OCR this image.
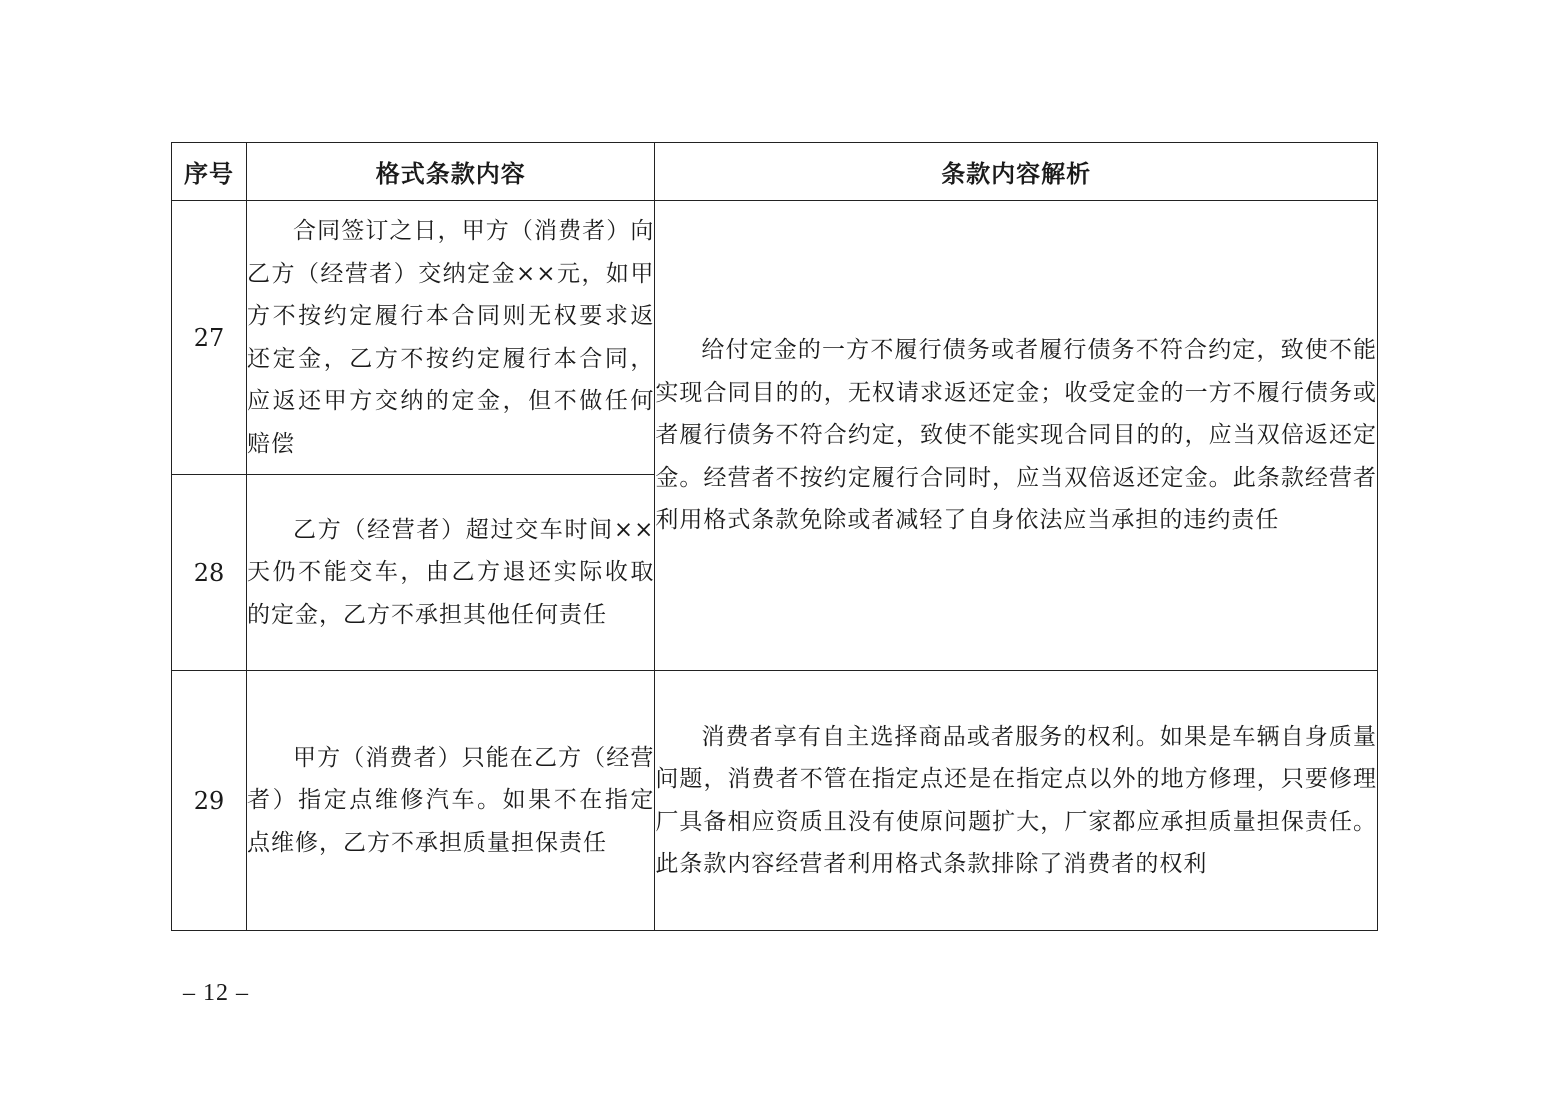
序号	格式条款内容	条款内容解析
27	合同签订之日，甲方（消费者）向乙方（经营者）交纳定金××元，如甲方不按约定履行本合同则无权要求返还定金，乙方不按约定履行本合同，应返还甲方交纳的定金，但不做任何赔偿	给付定金的一方不履行债务或者履行债务不符合约定，致使不能实现合同目的的，无权请求返还定金；收受定金的一方不履行债务或者履行债务不符合约定，致使不能实现合同目的的，应当双倍返还定金。经营者不按约定履行合同时，应当双倍返还定金。此条款经营者利用格式条款免除或者减轻了自身依法应当承担的违约责任
28	乙方（经营者）超过交车时间××天仍不能交车，由乙方退还实际收取的定金，乙方不承担其他任何责任	
29	甲方（消费者）只能在乙方（经营者）指定点维修汽车。如果不在指定点维修，乙方不承担质量担保责任	消费者享有自主选择商品或者服务的权利。如果是车辆自身质量问题，消费者不管在指定点还是在指定点以外的地方修理，只要修理厂具备相应资质且没有使原问题扩大，厂家都应承担质量担保责任。此条款内容经营者利用格式条款排除了消费者的权利
– 12 –
